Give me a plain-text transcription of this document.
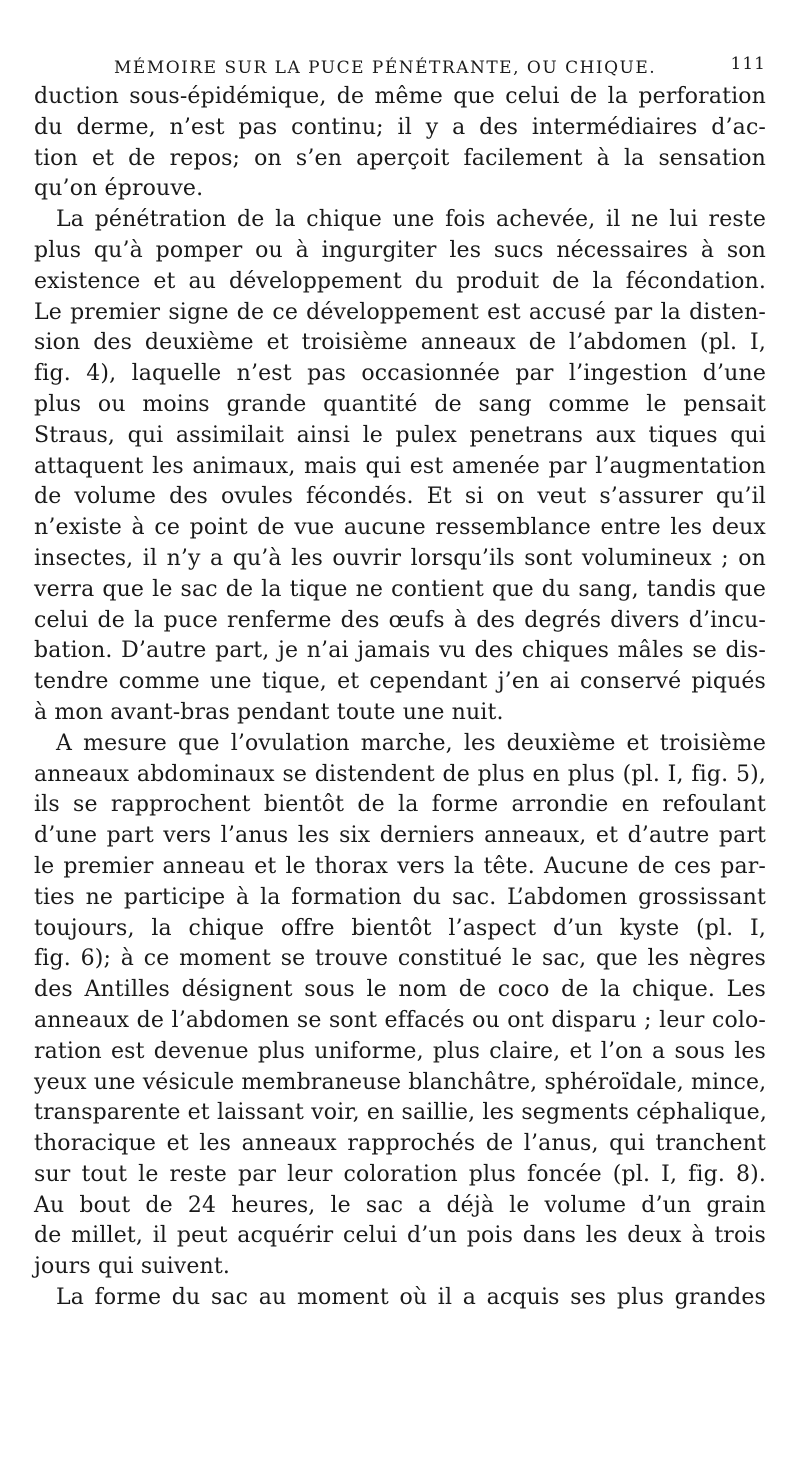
MÉMOIRE SUR LA PUCE PÉNÉTRANTE, OU CHIQUE.	111
duction sous-épidémique, de même que celui de la perforation
du derme, n’est pas continu; il y a des intermédiaires d’ac-
tion et de repos; on s’en aperçoit facilement à la sensation
qu’on éprouve.
La pénétration de la chique une fois achevée, il ne lui reste
plus qu’à pomper ou à ingurgiter les sucs nécessaires à son
existence et au développement du produit de la fécondation.
Le premier signe de ce développement est accusé par la disten-
sion des deuxième et troisième anneaux de l’abdomen (pl. I,
fig. 4), laquelle n’est pas occasionnée par l’ingestion d’une
plus ou moins grande quantité de sang comme le pensait
Straus, qui assimilait ainsi le pulex penetrans aux tiques qui
attaquent les animaux, mais qui est amenée par l’augmentation
de volume des ovules fécondés. Et si on veut s’assurer qu’il
n’existe à ce point de vue aucune ressemblance entre les deux
insectes, il n’y a qu’à les ouvrir lorsqu’ils sont volumineux ; on
verra que le sac de la tique ne contient que du sang, tandis que
celui de la puce renferme des œufs à des degrés divers d’incu-
bation. D’autre part, je n’ai jamais vu des chiques mâles se dis-
tendre comme une tique, et cependant j’en ai conservé piqués
à mon avant-bras pendant toute une nuit.
A mesure que l’ovulation marche, les deuxième et troisième
anneaux abdominaux se distendent de plus en plus (pl. I, fig. 5),
ils se rapprochent bientôt de la forme arrondie en refoulant
d’une part vers l’anus les six derniers anneaux, et d’autre part
le premier anneau et le thorax vers la tête. Aucune de ces par-
ties ne participe à la formation du sac. L’abdomen grossissant
toujours, la chique offre bientôt l’aspect d’un kyste (pl. I,
fig. 6); à ce moment se trouve constitué le sac, que les nègres
des Antilles désignent sous le nom de coco de la chique. Les
anneaux de l’abdomen se sont effacés ou ont disparu ; leur colo-
ration est devenue plus uniforme, plus claire, et l’on a sous les
yeux une vésicule membraneuse blanchâtre, sphéroïdale, mince,
transparente et laissant voir, en saillie, les segments céphalique,
thoracique et les anneaux rapprochés de l’anus, qui tranchent
sur tout le reste par leur coloration plus foncée (pl. I, fig. 8).
Au bout de 24 heures, le sac a déjà le volume d’un grain
de millet, il peut acquérir celui d’un pois dans les deux à trois
jours qui suivent.
La forme du sac au moment où il a acquis ses plus grandes
